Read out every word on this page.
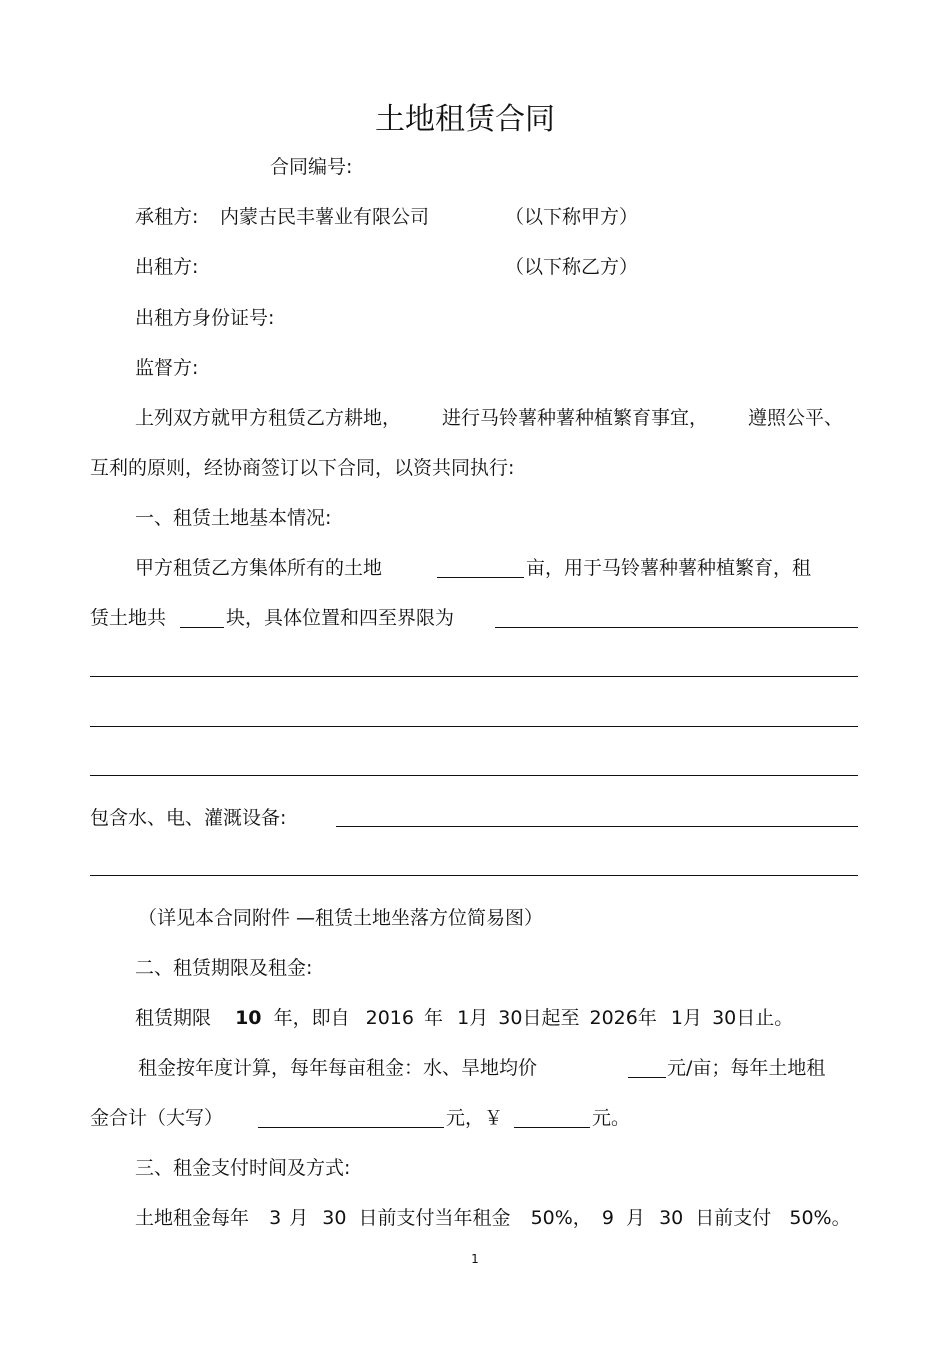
土地租赁合同
合同编号:
承租方: 内蒙古民丰薯业有限公司	（以下称甲方）
出租方:	（以下称乙方）
出租方身份证号:
监督方:
上列双方就甲方租赁乙方耕地， 进行马铃薯种薯种植繁育事宜， 遵照公平、
互利的原则，经协商签订以下合同，以资共同执行:
一、租赁土地基本情况:
甲方租赁乙方集体所有的土地	亩，用于马铃薯种薯种植繁育，租
赁土地共	块，具体位置和四至界限为
包含水、电、灌溉设备:
（详见本合同附件 —租赁土地坐落方位简易图）
二、租赁期限及租金:
租赁期限 10 年，即自 2016 年 1月 30日起至 2026年 1月 30日止。
租金按年度计算，每年每亩租金：水、旱地均价	元/亩；每年土地租
金合计（大写）	元，￥	元。
三、租金支付时间及方式:
土地租金每年 3 月 30 日前支付当年租金 50%， 9 月 30 日前支付 50%。
1
